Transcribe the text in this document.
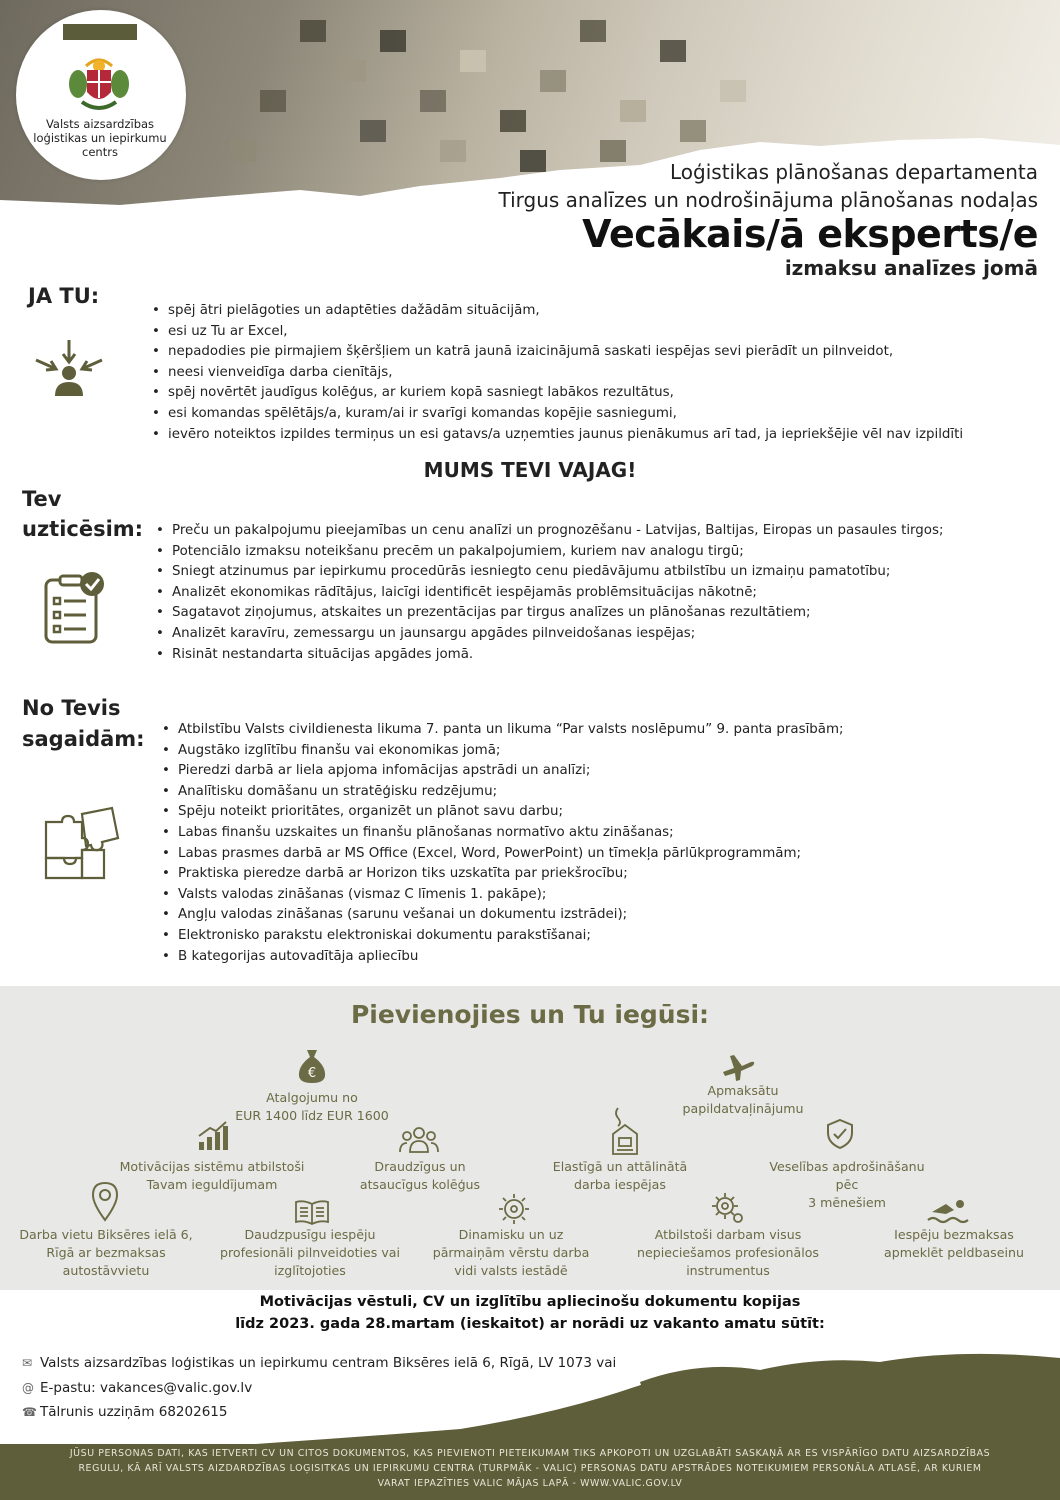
Valsts aizsardzības loģistikas un iepirkumu centrs
Loģistikas plānošanas departamenta
Tirgus analīzes un nodrošinājuma plānošanas nodaļas
Vecākais/ā eksperts/e
izmaksu analīzes jomā
JA TU:
• spēj ātri pielāgoties un adaptēties dažādām situācijām,
• esi uz Tu ar Excel,
• nepadodies pie pirmajiem šķēršļiem un katrā jaunā izaicinājumā saskati iespējas sevi pierādīt un pilnveidot,
• neesi vienveidīga darba cienītājs,
• spēj novērtēt jaudīgus kolēģus, ar kuriem kopā sasniegt labākos rezultātus,
• esi komandas spēlētājs/a, kuram/ai ir svarīgi komandas kopējie sasniegumi,
• ievēro noteiktos izpildes termiņus un esi gatavs/a uzņemties jaunus pienākumus arī tad, ja iepriekšējie vēl nav izpildīti
MUMS TEVI VAJAG!
Tev
uzticēsim:	• Preču un pakalpojumu pieejamības un cenu analīzi un prognozēšanu - Latvijas, Baltijas, Eiropas un pasaules tirgos;
• Potenciālo izmaksu noteikšanu precēm un pakalpojumiem, kuriem nav analogu tirgū;
• Sniegt atzinumus par iepirkumu procedūrās iesniegto cenu piedāvājumu atbilstību un izmaiņu pamatotību;
• Analizēt ekonomikas rādītājus, laicīgi identificēt iespējamās problēmsituācijas nākotnē;
• Sagatavot ziņojumus, atskaites un prezentācijas par tirgus analīzes un plānošanas rezultātiem;
• Analizēt karavīru, zemessargu un jaunsargu apgādes pilnveidošanas iespējas;
• Risināt nestandarta situācijas apgādes jomā.
No Tevis
sagaidām:	• Atbilstību Valsts civildienesta likuma 7. panta un likuma “Par valsts noslēpumu” 9. panta prasībām;
• Augstāko izglītību finanšu vai ekonomikas jomā;
• Pieredzi darbā ar liela apjoma infomācijas apstrādi un analīzi;
• Analītisku domāšanu un stratēģisku redzējumu;
• Spēju noteikt prioritātes, organizēt un plānot savu darbu;
• Labas finanšu uzskaites un finanšu plānošanas normatīvo aktu zināšanas;
• Labas prasmes darbā ar MS Office (Excel, Word, PowerPoint) un tīmekļa pārlūkprogrammām;
• Praktiska pieredze darbā ar Horizon tiks uzskatīta par priekšrocību;
• Valsts valodas zināšanas (vismaz C līmenis 1. pakāpe);
• Angļu valodas zināšanas (sarunu vešanai un dokumentu izstrādei);
• Elektronisko parakstu elektroniskai dokumentu parakstīšanai;
• B kategorijas autovadītāja apliecību
Pievienojies un Tu iegūsi:
€
Atalgojumu no
EUR 1400 līdz EUR 1600
Apmaksātu
papildatvaļinājumu
Motivācijas sistēmu atbilstoši
Tavam ieguldījumam
Draudzīgus un
atsaucīgus kolēģus
Elastīgā un attālinātā
darba iespējas
Veselības apdrošināšanu
pēc
3 mēnešiem
Darba vietu Biksēres ielā 6,
Rīgā ar bezmaksas
autostāvvietu
Daudzpusīgu iespēju
profesionāli pilnveidoties vai
izglītojoties
Dinamisku un uz
pārmaiņām vērstu darba
vidi valsts iestādē
Atbilstoši darbam visus
nepieciešamos profesionālos
instrumentus
Iespēju bezmaksas
apmeklēt peldbaseinu
Motivācijas vēstuli, CV un izglītību apliecinošu dokumentu kopijas
līdz 2023. gada 28.martam (ieskaitot) ar norādi uz vakanto amatu sūtīt:
✉ Valsts aizsardzības loģistikas un iepirkumu centram Biksēres ielā 6, Rīgā, LV 1073 vai
@ E-pastu: vakances@valic.gov.lv
☎ Tālrunis uzziņām 68202615
JŪSU PERSONAS DATI, KAS IETVERTI CV UN CITOS DOKUMENTOS, KAS PIEVIENOTI PIETEIKUMAM TIKS APKOPOTI UN UZGLABĀTI SASKAŅĀ AR ES VISPĀRĪGO DATU AIZSARDZĪBAS
REGULU, KĀ ARĪ VALSTS AIZDARDZĪBAS LOĢISITKAS UN IEPIRKUMU CENTRA (TURPMĀK - VALIC) PERSONAS DATU APSTRĀDES NOTEIKUMIEM PERSONĀLA ATLASĒ, AR KURIEM
VARAT IEPAZĪTIES VALIC MĀJAS LAPĀ - WWW.VALIC.GOV.LV
